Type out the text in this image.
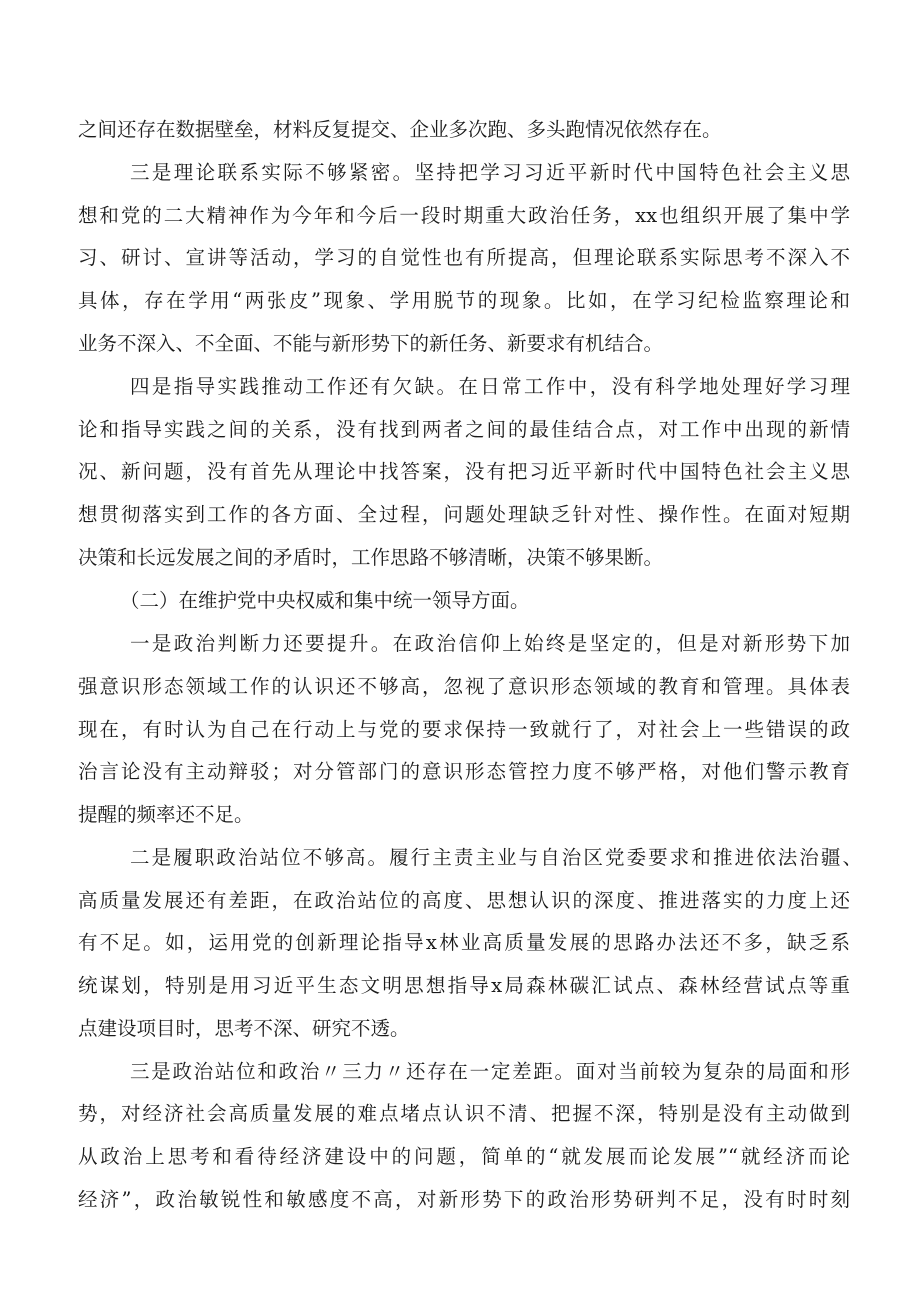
之间还存在数据壁垒，材料反复提交、企业多次跑、多头跑情况依然存在。
三是理论联系实际不够紧密。坚持把学习习近平新时代中国特色社会主义思
想和党的二大精神作为今年和今后一段时期重大政治任务，xx也组织开展了集中学
习、研讨、宣讲等活动，学习的自觉性也有所提高，但理论联系实际思考不深入不
具体，存在学用“两张皮”现象、学用脱节的现象。比如，在学习纪检监察理论和
业务不深入、不全面、不能与新形势下的新任务、新要求有机结合。
四是指导实践推动工作还有欠缺。在日常工作中，没有科学地处理好学习理
论和指导实践之间的关系，没有找到两者之间的最佳结合点，对工作中出现的新情
况、新问题，没有首先从理论中找答案，没有把习近平新时代中国特色社会主义思
想贯彻落实到工作的各方面、全过程，问题处理缺乏针对性、操作性。在面对短期
决策和长远发展之间的矛盾时，工作思路不够清晰，决策不够果断。
（二）在维护党中央权威和集中统一领导方面。
一是政治判断力还要提升。在政治信仰上始终是坚定的，但是对新形势下加
强意识形态领域工作的认识还不够高，忽视了意识形态领域的教育和管理。具体表
现在，有时认为自己在行动上与党的要求保持一致就行了，对社会上一些错误的政
治言论没有主动辩驳；对分管部门的意识形态管控力度不够严格，对他们警示教育
提醒的频率还不足。
二是履职政治站位不够高。履行主责主业与自治区党委要求和推进依法治疆、
高质量发展还有差距，在政治站位的高度、思想认识的深度、推进落实的力度上还
有不足。如，运用党的创新理论指导x林业高质量发展的思路办法还不多，缺乏系
统谋划，特别是用习近平生态文明思想指导x局森林碳汇试点、森林经营试点等重
点建设项目时，思考不深、研究不透。
三是政治站位和政治〃三力〃还存在一定差距。面对当前较为复杂的局面和形
势，对经济社会高质量发展的难点堵点认识不清、把握不深，特别是没有主动做到
从政治上思考和看待经济建设中的问题，简单的“就发展而论发展”“就经济而论
经济”，政治敏锐性和敏感度不高，对新形势下的政治形势研判不足，没有时时刻
